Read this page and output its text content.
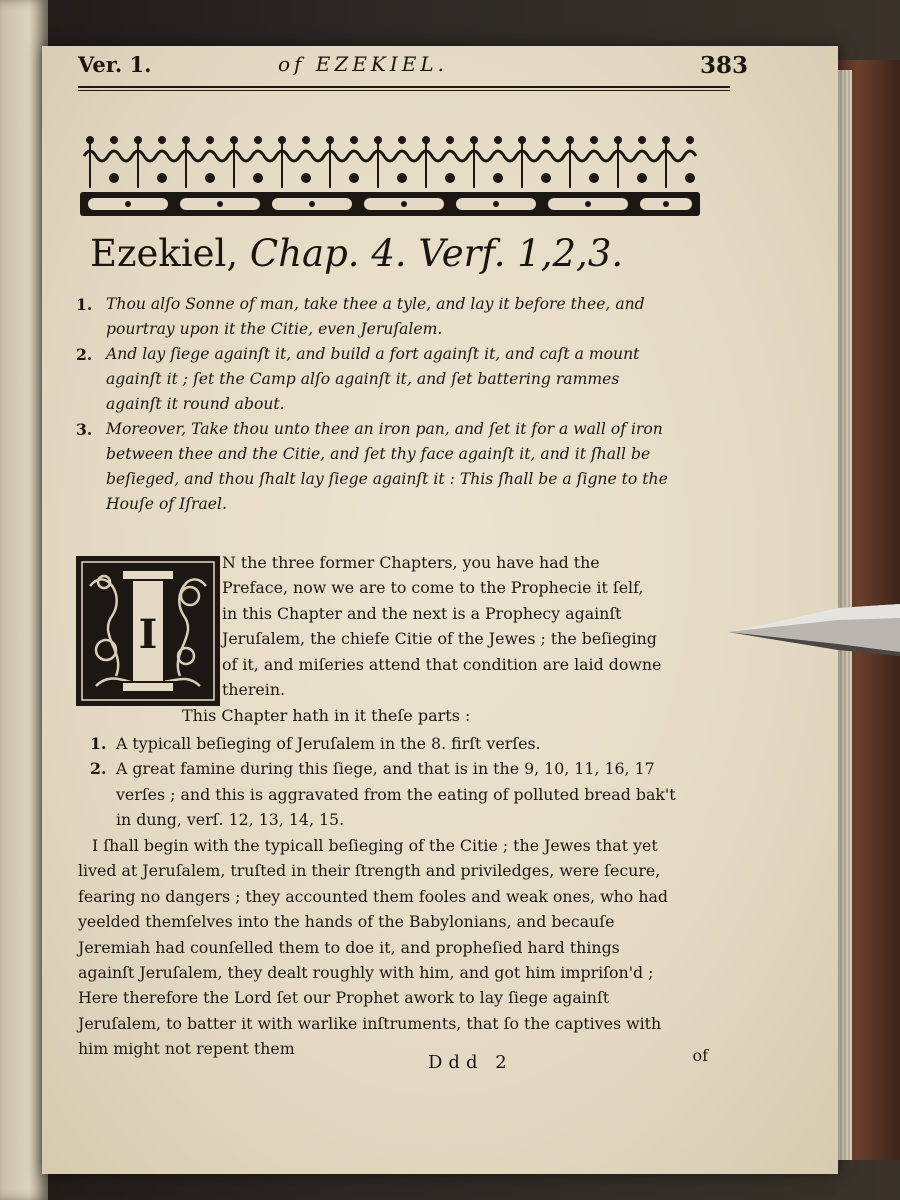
Ver. 1.	of EZEKIEL.	383
Ezekiel, Chap. 4. Verf. 1,2,3.
1. Thou alſo Sonne of man, take thee a tyle, and lay it before thee, and pourtray upon it the Citie, even Jeruſalem.
2. And lay ſiege againſt it, and build a fort againſt it, and caſt a mount againſt it ; ſet the Camp alſo againſt it, and ſet battering rammes againſt it round about.
3. Moreover, Take thou unto thee an iron pan, and ſet it for a wall of iron between thee and the Citie, and ſet thy face againſt it, and it ſhall be beſieged, and thou ſhalt lay ſiege againſt it : This ſhall be a ſigne to the Houſe of Iſrael.
I
N the three former Chapters, you have had the Preface, now we are to come to the Prophecie it ſelf, in this Chapter and the next is a Prophecy againſt Jeruſalem, the chiefe Citie of the Jewes ; the beſieging of it, and miſeries attend that condition are laid downe therein.
This Chapter hath in it theſe parts :
1. A typicall beſieging of Jeruſalem in the 8. firſt verſes.
2. A great famine during this ſiege, and that is in the 9, 10, 11, 16, 17 verſes ; and this is aggravated from the eating of polluted bread bak't in dung, verſ. 12, 13, 14, 15.
I ſhall begin with the typicall beſieging of the Citie ; the Jewes that yet lived at Jeruſalem, truſted in their ſtrength and priviledges, were ſecure, fearing no dangers ; they accounted them fooles and weak ones, who had yeelded themſelves into the hands of the Babylonians, and becauſe Jeremiah had counſelled them to doe it, and propheſied hard things againſt Jeruſalem, they dealt roughly with him, and got him impriſon'd ; Here therefore the Lord ſet our Prophet awork to lay ſiege againſt Jeruſalem, to batter it with warlike inſtruments, that ſo the captives with him might not repent them
Ddd 2	of
